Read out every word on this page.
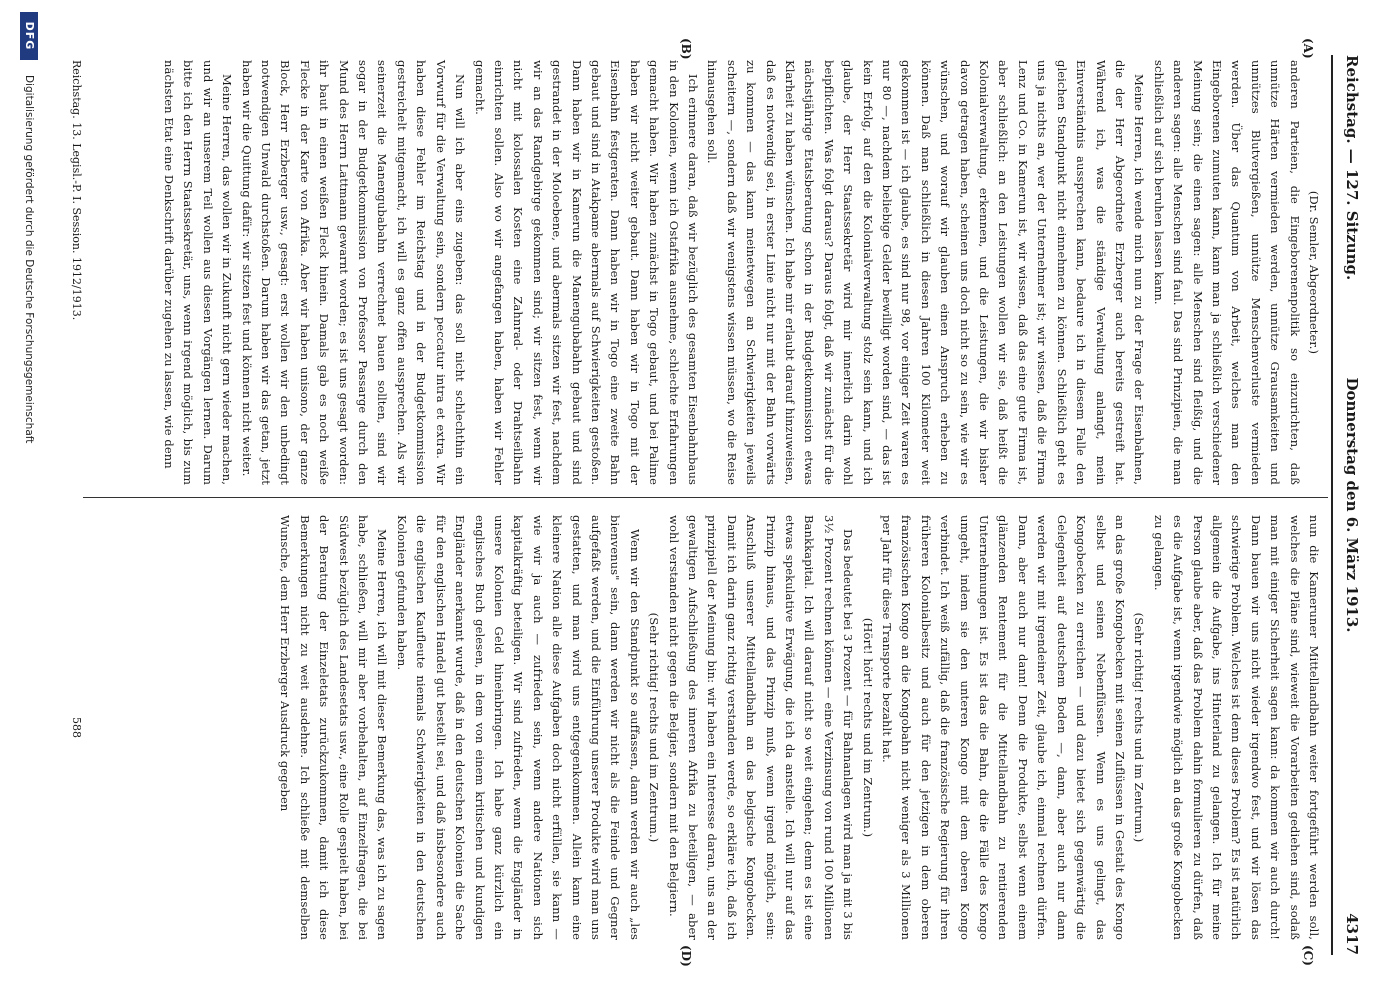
Reichstag. — 127. Sitzung.
Donnerstag den 6. März 1913.
4317
(A)
(B)
(C)
(D)

(Dr. Semler, Abgeordneter.)

anderen Parteien, die Eingeborenenpolitik so einzurichten, daß unnütze Härten vermieden werden, unnütze Grausamkeiten und unnützes Blutvergießen, unnütze Menschenverluste vermieden werden. Über das Quantum von Arbeit, welches man den Eingeborenen zumuten kann, kann man ja schließlich verschiedener Meinung sein; die einen sagen: alle Menschen sind fleißig, und die anderen sagen: alle Menschen sind faul. Das sind Prinzipien, die man schließlich auf sich beruhen lassen kann.

Meine Herren, ich wende mich nun zu der Frage der Eisenbahnen, die der Herr Abgeordnete Erzberger auch bereits gestreift hat. Während ich, was die ständige Verwaltung anlangt, mein Einverständnis aussprechen kann, bedaure ich in diesem Falle den gleichen Standpunkt nicht einnehmen zu können. Schließlich geht es uns ja nichts an, wer der Unternehmer ist; wir wissen, daß die Firma Lenz und Co. in Kamerun ist, wir wissen, daß das eine gute Firma ist, aber schließlich: an den Leistungen wollen wir sie, daß heißt die Kolonialverwaltung, erkennen, und die Leistungen, die wir bisher davon getragen haben, scheinen uns doch nicht so zu sein, wie wir es wünschen, und worauf wir glauben einen Anspruch erheben zu können. Daß man schließlich in diesen Jahren 100 Kilometer weit gekommen ist — ich glaube, es sind nur 98, vor einiger Zeit waren es nur 80 —, nachdem beliebige Gelder bewilligt worden sind, — das ist kein Erfolg, auf den die Kolonialverwaltung stolz sein kann, und ich glaube, der Herr Staatssekretär wird mir innerlich darin wohl beipflichten. Was folgt daraus? Daraus folgt, daß wir zunächst für die nächstjährige Etatsberatung schon in der Budgetkommission etwas Klarheit zu haben wünschen. Ich habe mir erlaubt darauf hinzuweisen, daß es notwendig sei, in erster Linie nicht nur mit der Bahn vorwärts zu kommen — das kann meinetwegen an Schwierigkeiten jeweils scheitern —, sondern daß wir wenigstens wissen müssen, wo die Reise hinausgehen soll.

Ich erinnere daran, daß wir bezüglich des gesamten Eisenbahnbaus in den Kolonien, wenn ich Ostafrika ausnehme, schlechte Erfahrungen gemacht haben. Wir haben zunächst in Togo gebaut, und bei Palime haben wir nicht weiter gebaut. Dann haben wir in Togo mit der Eisenbahn festgeraten. Dann haben wir in Togo eine zweite Bahn gebaut und sind in Atakpame abermals auf Schwierigkeiten gestoßen. Dann haben wir in Kamerun die Manengubabahn gebaut und sind gestrandet in der Moloebene, und abermals sitzen wir fest, nachdem wir an das Randgebirge gekommen sind; wir sitzen fest, wenn wir nicht mit kolossalen Kosten eine Zahnrad- oder Drahtseilbahn einrichten sollen. Also wo wir angefangen haben, haben wir Fehler gemacht.

Nun will ich aber eins zugeben: das soll nicht schlechthin ein Vorwurf für die Verwaltung sein, sondern peccatur intra et extra. Wir haben diese Fehler im Reichstag und in der Budgetkommission gestreichelt mitgemacht, ich will es ganz offen aussprechen. Als wir seinerzeit die Manengubabahn verrechnet bauen sollten, sind wir sogar in der Budgetkommission von Professor Passarge durch den Mund des Herrn Lattmann gewarnt worden; es ist uns gesagt worden: ihr baut in einen weißen Fleck hinein. Damals gab es noch weiße Flecke in der Karte von Afrika. Aber wir haben unisono, der ganze Block, Herr Erzberger usw., gesagt: erst wollen wir den unbedingt notwendigen Unwald durchstoßen. Darum haben wir das getan, jetzt haben wir die Quittung dafür: wir sitzen fest und können nicht weiter.

Meine Herren, das wollen wir in Zukunft nicht gern wieder machen, und wir an unserem Teil wollen aus diesen Vorgängen lernen. Darum bitte ich den Herrn Staatssekretär, uns, wenn irgend möglich, bis zum nächsten Etat eine Denkschrift darüber zugehen zu lassen, wie denn

nun die Kameruner Mittellandbahn weiter fortgeführt werden soll, welches die Pläne sind, wieweit die Vorarbeiten gediehen sind, sodaß man mit einiger Sicherheit sagen kann: da kommen wir auch durch! Dann bauen wir uns nicht wieder irgendwo fest, und wir lösen das schwierige Problem. Welches ist denn dieses Problem? Es ist natürlich allgemein die Aufgabe, ins Hinterland zu gelangen. Ich für meine Person glaube aber, daß das Problem dahin formulieren zu dürfen, daß es die Aufgabe ist, wenn irgendwie möglich an das große Kongobecken zu gelangen.

(Sehr richtig! rechts und im Zentrum.)

an das große Kongobecken mit seinen Zuflüssen in Gestalt des Kongo selbst und seinen Nebenflüssen. Wenn es uns gelingt, das Kongobecken zu erreichen — und dazu bietet sich gegenwärtig die Gelegenheit auf deutschem Boden —, dann, aber auch nur dann werden wir mit irgendeiner Zeit, glaube ich, einmal rechnen dürfen. Dann, aber auch nur dann! Denn die Produkte, selbst wenn einem glänzenden Rentement für die Mittellandbahn zu rentierenden Unternehmungen ist. Es ist das die Bahn, die die Fälle des Kongo umgeht, indem sie den unteren Kongo mit dem oberen Kongo verbindet. Ich weiß zufällig, daß die französische Regierung für ihren früheren Kolonialbesitz und auch für den jetzigen in dem oberen französischen Kongo an die Kongobahn nicht weniger als 3 Millionen per Jahr für diese Transporte bezahlt hat.

(Hört! hört! rechts und im Zentrum.)

Das bedeutet bei 3 Prozent — für Bahnanlagen wird man ja mit 3 bis 3½ Prozent rechnen können — eine Verzinsung von rund 100 Millionen Bankkapital. Ich will darauf nicht so weit eingehen; denn es ist eine etwas spekulative Erwägung, die ich da anstelle. Ich will nur auf das Prinzip hinaus, und das Prinzip muß, wenn irgend möglich, sein: Anschluß unserer Mittellandbahn an das belgische Kongobecken. Damit ich darin ganz richtig verstanden werde, so erkläre ich, daß ich prinzipiell der Meinung bin: wir haben ein Interesse daran, uns an der gewaltigen Aufschließung des inneren Afrika zu beteiligen, — aber wohl verstanden nicht gegen die Belgier, sondern mit den Belgiern.

(Sehr richtig! rechts und im Zentrum.)

Wenn wir den Standpunkt so auffassen, dann werden wir auch „les bienvenus" sein, dann werden wir nicht als die Feinde und Gegner aufgefaßt werden, und die Einführung unserer Produkte wird man uns gestatten, und man wird uns entgegenkommen. Allein kann eine kleinere Nation alle diese Aufgaben doch nicht erfüllen, sie kann — wie wir ja auch — zufrieden sein, wenn andere Nationen sich kapitalkräftig beteiligen. Wir sind zufrieden, wenn die Engländer in unsere Kolonien Geld hineinbringen. Ich habe ganz kürzlich ein englisches Buch gelesen, in dem von einem kritischen und kundigen Engländer anerkannt wurde, daß in den deutschen Kolonien die Sache für den englischen Handel gut bestellt sei, und daß insbesondere auch die englischen Kaufleute niemals Schwierigkeiten in den deutschen Kolonien gefunden haben.

Meine Herren, ich will mit dieser Bemerkung das, was ich zu sagen habe, schließen, will mir aber vorbehalten, auf Einzelfragen, die bei Südwest bezüglich des Landesetats usw., eine Rolle gespielt haben, bei der Beratung der Einzeletats zurückzukommen, damit ich diese Bemerkungen nicht zu weit ausdehne. Ich schließe mit demselben Wunsche, dem Herr Erzberger Ausdruck gegeben

Reichstag. 13. Legisl.-P. I. Session. 1912/1913.
588
DFG
Digitalisierung gefördert durch die Deutsche Forschungsgemeinschaft
